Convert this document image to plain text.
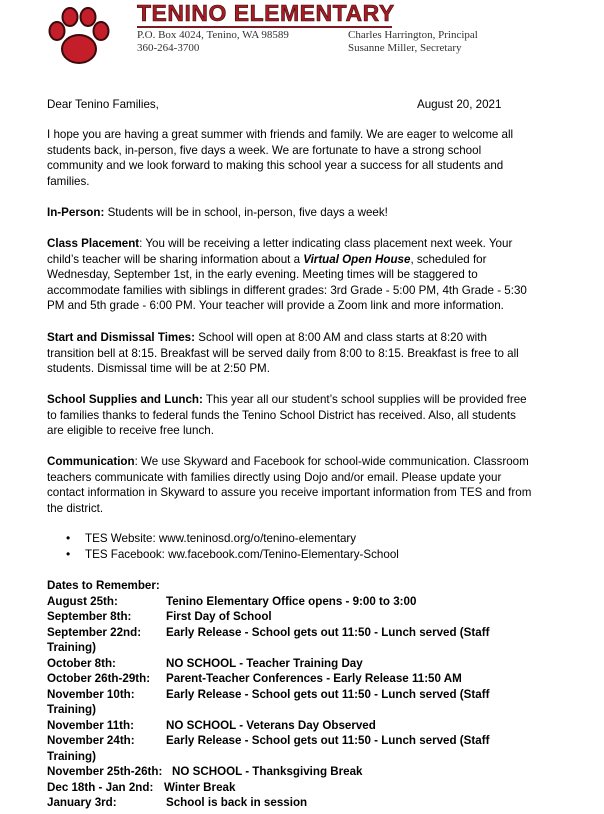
TENINO ELEMENTARY
P.O. Box 4024, Tenino, WA 98589
360-264-3700
Charles Harrington, Principal
Susanne Miller, Secretary
Dear Tenino Families,	August 20, 2021
I hope you are having a great summer with friends and family. We are eager to welcome all
students back, in-person, five days a week. We are fortunate to have a strong school
community and we look forward to making this school year a success for all students and
families.
In-Person: Students will be in school, in-person, five days a week!
Class Placement: You will be receiving a letter indicating class placement next week. Your
child’s teacher will be sharing information about a Virtual Open House, scheduled for
Wednesday, September 1st, in the early evening. Meeting times will be staggered to
accommodate families with siblings in different grades: 3rd Grade - 5:00 PM, 4th Grade - 5:30
PM and 5th grade - 6:00 PM. Your teacher will provide a Zoom link and more information.
Start and Dismissal Times: School will open at 8:00 AM and class starts at 8:20 with
transition bell at 8:15. Breakfast will be served daily from 8:00 to 8:15. Breakfast is free to all
students. Dismissal time will be at 2:50 PM.
School Supplies and Lunch: This year all our student’s school supplies will be provided free
to families thanks to federal funds the Tenino School District has received. Also, all students
are eligible to receive free lunch.
Communication: We use Skyward and Facebook for school-wide communication. Classroom
teachers communicate with families directly using Dojo and/or email. Please update your
contact information in Skyward to assure you receive important information from TES and from
the district.
• TES Website: www.teninosd.org/o/tenino-elementary
• TES Facebook: ww.facebook.com/Tenino-Elementary-School
Dates to Remember:
August 25th:	Tenino Elementary Office opens - 9:00 to 3:00
September 8th:	First Day of School
September 22nd: Early Release - School gets out 11:50 - Lunch served (Staff
Training)
October 8th:	NO SCHOOL - Teacher Training Day
October 26th-29th: Parent-Teacher Conferences - Early Release 11:50 AM
November 10th:	Early Release - School gets out 11:50 - Lunch served (Staff
Training)
November 11th:	NO SCHOOL - Veterans Day Observed
November 24th:	Early Release - School gets out 11:50 - Lunch served (Staff
Training)
November 25th-26th: NO SCHOOL - Thanksgiving Break
Dec 18th - Jan 2nd: Winter Break
January 3rd:	School is back in session
